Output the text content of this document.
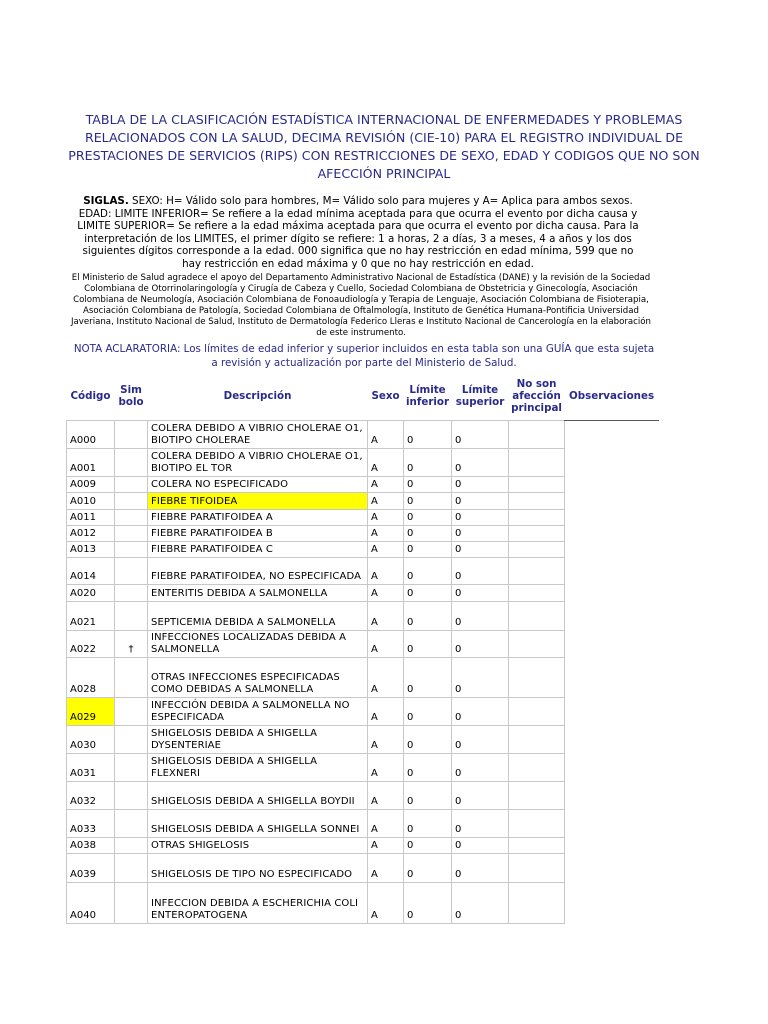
TABLA DE LA CLASIFICACIÓN ESTADÍSTICA INTERNACIONAL DE ENFERMEDADES Y PROBLEMAS RELACIONADOS CON LA SALUD, DECIMA REVISIÓN (CIE-10) PARA EL REGISTRO INDIVIDUAL DE PRESTACIONES DE SERVICIOS (RIPS) CON RESTRICCIONES DE SEXO, EDAD Y CODIGOS QUE NO SON AFECCIÓN PRINCIPAL
SIGLAS. SEXO: H= Válido solo para hombres, M= Válido solo para mujeres y A= Aplica para ambos sexos. EDAD: LIMITE INFERIOR= Se refiere a la edad mínima aceptada para que ocurra el evento por dicha causa y LIMITE SUPERIOR= Se refiere a la edad máxima aceptada para que ocurra el evento por dicha causa. Para la interpretación de los LIMITES, el primer dígito se refiere: 1 a horas, 2 a días, 3 a meses, 4 a años y los dos siguientes dígitos corresponde a la edad. 000 significa que no hay restricción en edad mínima, 599 que no hay restricción en edad máxima y 0 que no hay restricción en edad.
El Ministerio de Salud agradece el apoyo del Departamento Administrativo Nacional de Estadística (DANE) y la revisión de la Sociedad Colombiana de Otorrinolaringología y Cirugía de Cabeza y Cuello, Sociedad Colombiana de Obstetricia y Ginecología, Asociación Colombiana de Neumología, Asociación Colombiana de Fonoaudiología y Terapia de Lenguaje, Asociación Colombiana de Fisioterapia, Asociación Colombiana de Patología, Sociedad Colombiana de Oftalmología, Instituto de Genética Humana-Pontificia Universidad Javeriana, Instituto Nacional de Salud, Instituto de Dermatología Federico Lleras e Instituto Nacional de Cancerología en la elaboración de este instrumento.
NOTA ACLARATORIA: Los límites de edad inferior y superior incluidos en esta tabla son una GUÍA que esta sujeta a revisión y actualización por parte del Ministerio de Salud.
Código	Sim bolo	Descripción	Sexo	Límite inferior	Límite superior	No son afección principal	Observaciones
A000		COLERA DEBIDO A VIBRIO CHOLERAE O1, BIOTIPO CHOLERAE	A	0	0		
A001		COLERA DEBIDO A VIBRIO CHOLERAE O1, BIOTIPO EL TOR	A	0	0		
A009		COLERA NO ESPECIFICADO	A	0	0		
A010		FIEBRE TIFOIDEA	A	0	0		
A011		FIEBRE PARATIFOIDEA A	A	0	0		
A012		FIEBRE PARATIFOIDEA B	A	0	0		
A013		FIEBRE PARATIFOIDEA C	A	0	0		
A014		FIEBRE PARATIFOIDEA, NO ESPECIFICADA	A	0	0		
A020		ENTERITIS DEBIDA A SALMONELLA	A	0	0		
A021		SEPTICEMIA DEBIDA A SALMONELLA	A	0	0		
A022	†	INFECCIONES LOCALIZADAS DEBIDA A SALMONELLA	A	0	0		
A028		OTRAS INFECCIONES ESPECIFICADAS COMO DEBIDAS A SALMONELLA	A	0	0		
A029		INFECCIÓN DEBIDA A SALMONELLA NO ESPECIFICADA	A	0	0		
A030		SHIGELOSIS DEBIDA A SHIGELLA DYSENTERIAE	A	0	0		
A031		SHIGELOSIS DEBIDA A SHIGELLA FLEXNERI	A	0	0		
A032		SHIGELOSIS DEBIDA A SHIGELLA BOYDII	A	0	0		
A033		SHIGELOSIS DEBIDA A SHIGELLA SONNEI	A	0	0		
A038		OTRAS SHIGELOSIS	A	0	0		
A039		SHIGELOSIS DE TIPO NO ESPECIFICADO	A	0	0		
A040		INFECCION DEBIDA A ESCHERICHIA COLI ENTEROPATOGENA	A	0	0		
